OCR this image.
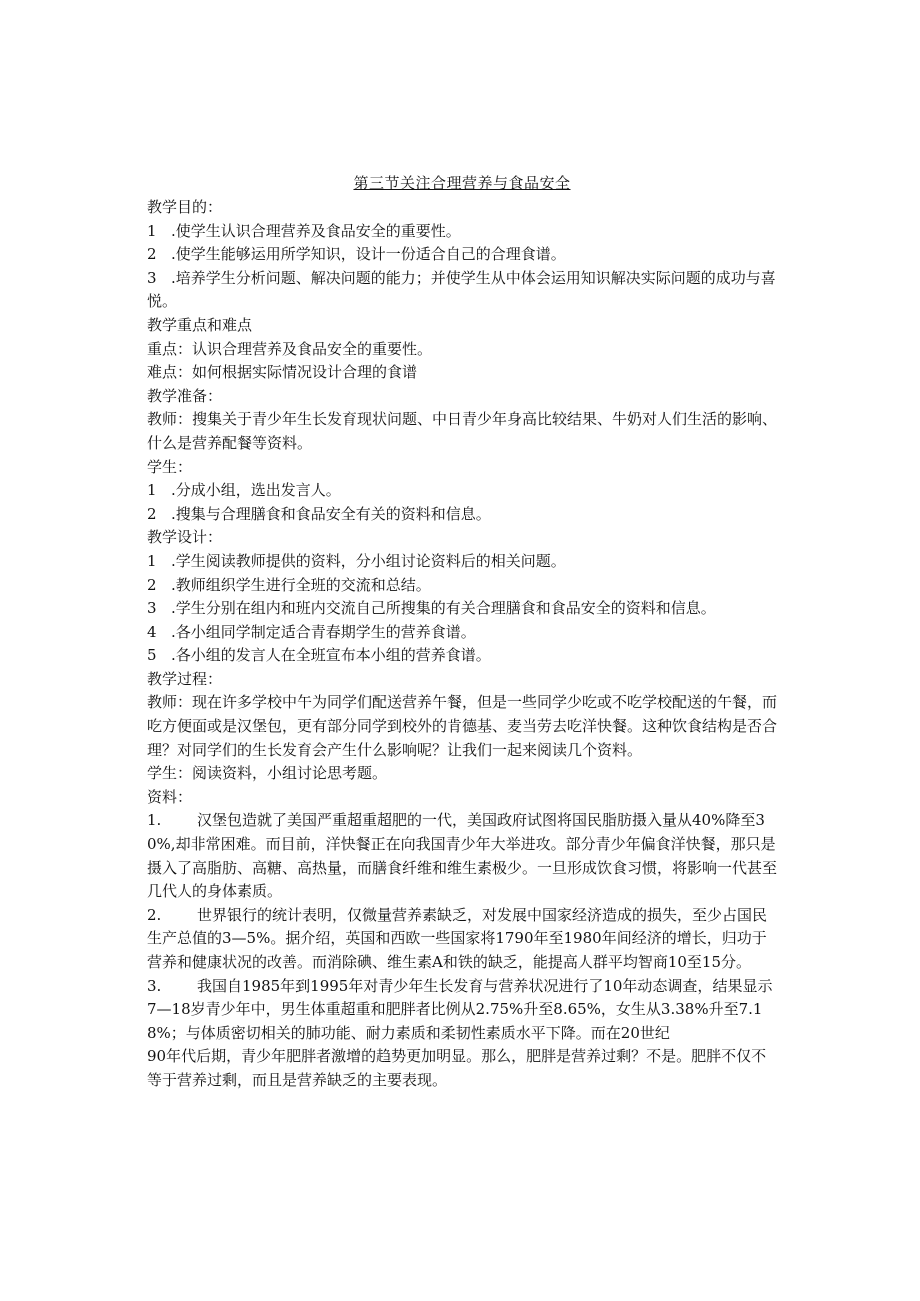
第三节关注合理营养与食品安全

教学目的：

1 .使学生认识合理营养及食品安全的重要性。

2 .使学生能够运用所学知识，设计一份适合自己的合理食谱。

3 .培养学生分析问题、解决问题的能力；并使学生从中体会运用知识解决实际问题的成功与喜悦。

教学重点和难点

重点：认识合理营养及食品安全的重要性。

难点：如何根据实际情况设计合理的食谱

教学准备：

教师：搜集关于青少年生长发育现状问题、中日青少年身高比较结果、牛奶对人们生活的影响、什么是营养配餐等资料。

学生：

1 .分成小组，选出发言人。

2 .搜集与合理膳食和食品安全有关的资料和信息。

教学设计：

1 .学生阅读教师提供的资料，分小组讨论资料后的相关问题。

2 .教师组织学生进行全班的交流和总结。

3 .学生分别在组内和班内交流自己所搜集的有关合理膳食和食品安全的资料和信息。

4 .各小组同学制定适合青春期学生的营养食谱。

5 .各小组的发言人在全班宣布本小组的营养食谱。

教学过程：

教师：现在许多学校中午为同学们配送营养午餐，但是一些同学少吃或不吃学校配送的午餐，而吃方便面或是汉堡包，更有部分同学到校外的肯德基、麦当劳去吃洋快餐。这种饮食结构是否合理？对同学们的生长发育会产生什么影响呢？让我们一起来阅读几个资料。

学生：阅读资料，小组讨论思考题。

资料：

1. 汉堡包造就了美国严重超重超肥的一代，美国政府试图将国民脂肪摄入量从40%降至30%,却非常困难。而目前，洋快餐正在向我国青少年大举进攻。部分青少年偏食洋快餐，那只是摄入了高脂肪、高糖、高热量，而膳食纤维和维生素极少。一旦形成饮食习惯，将影响一代甚至几代人的身体素质。

2. 世界银行的统计表明，仅微量营养素缺乏，对发展中国家经济造成的损失，至少占国民生产总值的3—5%。据介绍，英国和西欧一些国家将1790年至1980年间经济的增长，归功于营养和健康状况的改善。而消除碘、维生素A和铁的缺乏，能提高人群平均智商10至15分。

3. 我国自1985年到1995年对青少年生长发育与营养状况进行了10年动态调查，结果显示7—18岁青少年中，男生体重超重和肥胖者比例从2.75%升至8.65%，女生从3.38%升至7.18%；与体质密切相关的肺功能、耐力素质和柔韧性素质水平下降。而在20世纪

90年代后期，青少年肥胖者激增的趋势更加明显。那么，肥胖是营养过剩？不是。肥胖不仅不等于营养过剩，而且是营养缺乏的主要表现。
